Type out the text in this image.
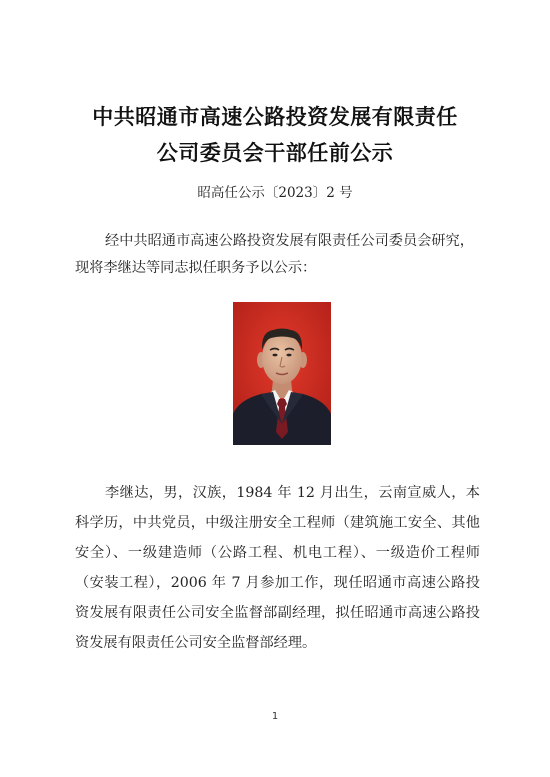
中共昭通市高速公路投资发展有限责任
公司委员会干部任前公示
昭高任公示〔2023〕2 号
经中共昭通市高速公路投资发展有限责任公司委员会研究，现将李继达等同志拟任职务予以公示：
李继达，男，汉族，1984 年 12 月出生，云南宣威人，本科学历，中共党员，中级注册安全工程师（建筑施工安全、其他安全）、一级建造师（公路工程、机电工程）、一级造价工程师（安装工程），2006 年 7 月参加工作，现任昭通市高速公路投资发展有限责任公司安全监督部副经理，拟任昭通市高速公路投资发展有限责任公司安全监督部经理。
1
